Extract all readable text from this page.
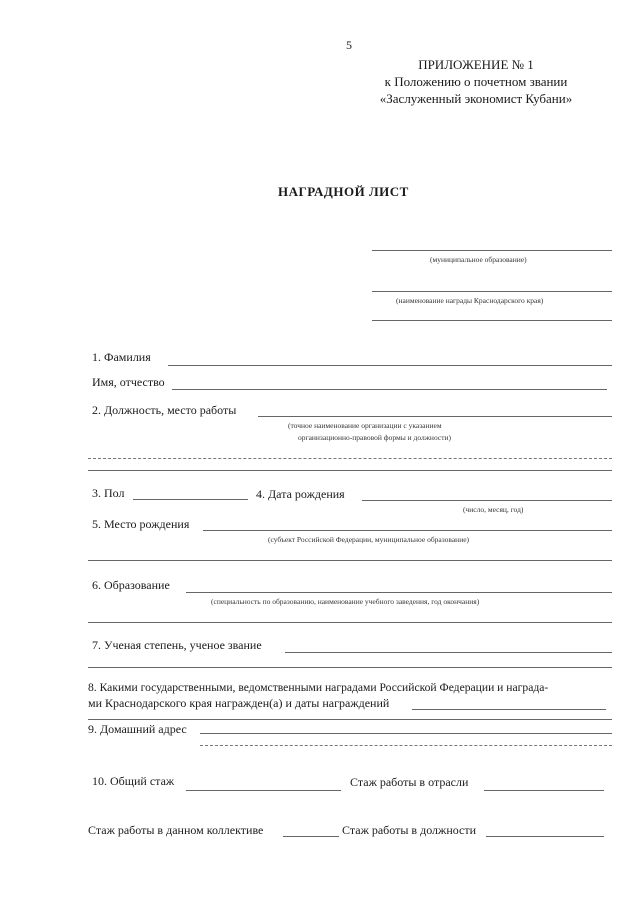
5
ПРИЛОЖЕНИЕ № 1
к Положению о почетном звании
«Заслуженный экономист Кубани»
НАГРАДНОЙ ЛИСТ
(муниципальное образование)
(наименование награды Краснодарского края)
1. Фамилия
Имя, отчество
2. Должность, место работы
(точное наименование организации с указанием
организационно-правовой формы и должности)
3. Пол	4. Дата рождения
(число, месяц, год)
5. Место рождения
(субъект Российской Федерации, муниципальное образование)
6. Образование
(специальность по образованию, наименование учебного заведения, год окончания)
7. Ученая степень, ученое звание
8. Какими государственными, ведомственными наградами Российской Федерации и награда-
ми Краснодарского края награжден(а) и даты награждений
9. Домашний адрес
10. Общий стаж	Стаж работы в отрасли
Стаж работы в данном коллективе	Стаж работы в должности
